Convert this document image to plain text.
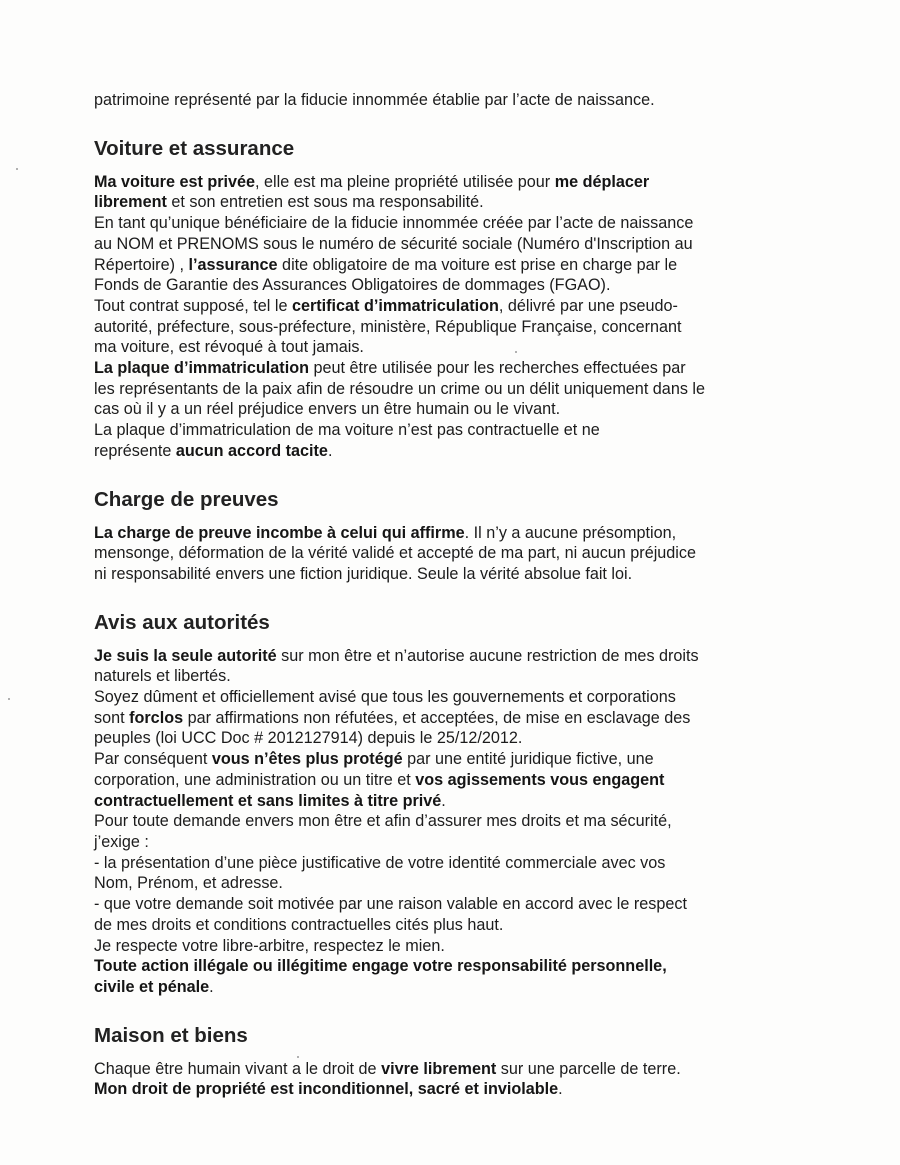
patrimoine représenté par la fiducie innommée établie par l’acte de naissance.

Voiture et assurance

Ma voiture est privée, elle est ma pleine propriété utilisée pour me déplacer
librement et son entretien est sous ma responsabilité.
En tant qu’unique bénéficiaire de la fiducie innommée créée par l’acte de naissance
au NOM et PRENOMS sous le numéro de sécurité sociale (Numéro d'Inscription au
Répertoire) , l’assurance dite obligatoire de ma voiture est prise en charge par le
Fonds de Garantie des Assurances Obligatoires de dommages (FGAO).
Tout contrat supposé, tel le certificat d’immatriculation, délivré par une pseudo-
autorité, préfecture, sous-préfecture, ministère, République Française, concernant
ma voiture, est révoqué à tout jamais.
La plaque d’immatriculation peut être utilisée pour les recherches effectuées par
les représentants de la paix afin de résoudre un crime ou un délit uniquement dans le
cas où il y a un réel préjudice envers un être humain ou le vivant.
La plaque d’immatriculation de ma voiture n’est pas contractuelle et ne
représente aucun accord tacite.

Charge de preuves

La charge de preuve incombe à celui qui affirme. Il n’y a aucune présomption,
mensonge, déformation de la vérité validé et accepté de ma part, ni aucun préjudice
ni responsabilité envers une fiction juridique. Seule la vérité absolue fait loi.

Avis aux autorités

Je suis la seule autorité sur mon être et n’autorise aucune restriction de mes droits
naturels et libertés.
Soyez dûment et officiellement avisé que tous les gouvernements et corporations
sont forclos par affirmations non réfutées, et acceptées, de mise en esclavage des
peuples (loi UCC Doc # 2012127914) depuis le 25/12/2012.
Par conséquent vous n’êtes plus protégé par une entité juridique fictive, une
corporation, une administration ou un titre et vos agissements vous engagent
contractuellement et sans limites à titre privé.
Pour toute demande envers mon être et afin d’assurer mes droits et ma sécurité,
j’exige :
- la présentation d’une pièce justificative de votre identité commerciale avec vos
Nom, Prénom, et adresse.
- que votre demande soit motivée par une raison valable en accord avec le respect
de mes droits et conditions contractuelles cités plus haut.
Je respecte votre libre-arbitre, respectez le mien.
Toute action illégale ou illégitime engage votre responsabilité personnelle,
civile et pénale.

Maison et biens

Chaque être humain vivant a le droit de vivre librement sur une parcelle de terre.
Mon droit de propriété est inconditionnel, sacré et inviolable.
